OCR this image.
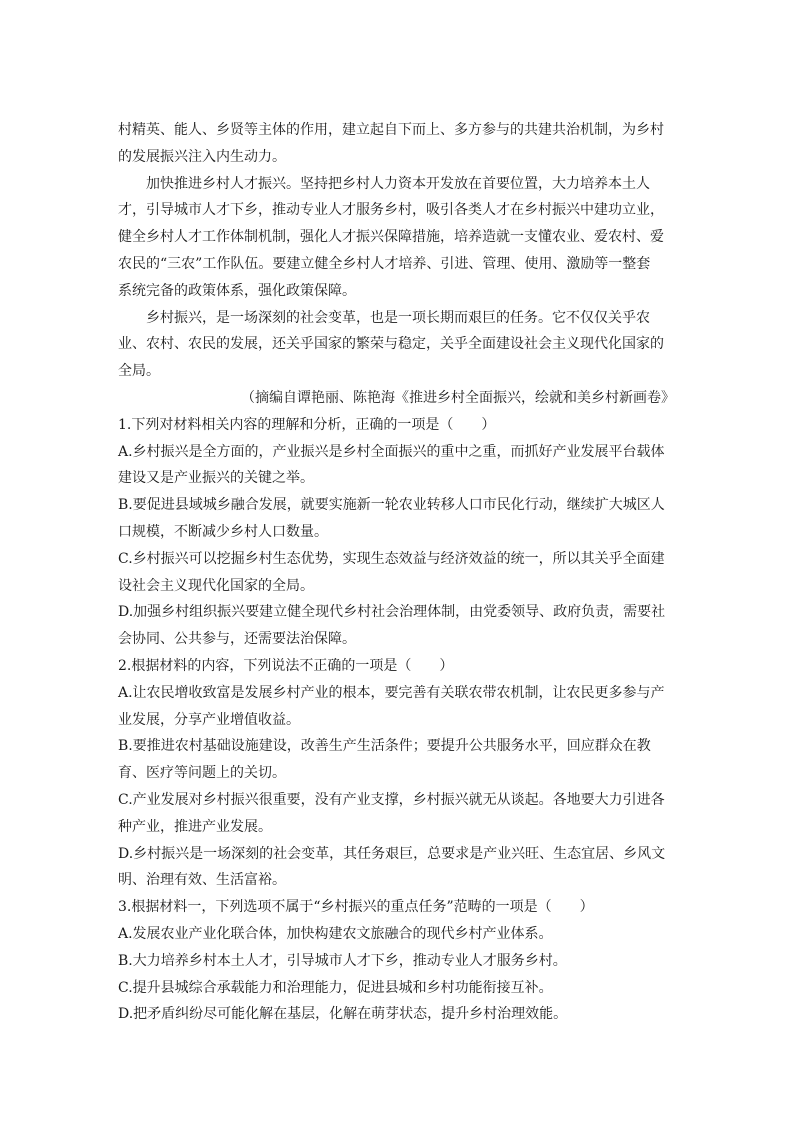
村精英、能人、乡贤等主体的作用，建立起自下而上、多方参与的共建共治机制，为乡村
的发展振兴注入内生动力。
加快推进乡村人才振兴。坚持把乡村人力资本开发放在首要位置，大力培养本土人
才，引导城市人才下乡，推动专业人才服务乡村，吸引各类人才在乡村振兴中建功立业，
健全乡村人才工作体制机制，强化人才振兴保障措施，培养造就一支懂农业、爱农村、爱
农民的“三农”工作队伍。要建立健全乡村人才培养、引进、管理、使用、激励等一整套
系统完备的政策体系，强化政策保障。
乡村振兴，是一场深刻的社会变革，也是一项长期而艰巨的任务。它不仅仅关乎农
业、农村、农民的发展，还关乎国家的繁荣与稳定，关乎全面建设社会主义现代化国家的
全局。
（摘编自谭艳丽、陈艳海《推进乡村全面振兴，绘就和美乡村新画卷》
1.下列对材料相关内容的理解和分析，正确的一项是（　　）
A.乡村振兴是全方面的，产业振兴是乡村全面振兴的重中之重，而抓好产业发展平台载体
建设又是产业振兴的关键之举。
B.要促进县域城乡融合发展，就要实施新一轮农业转移人口市民化行动，继续扩大城区人
口规模，不断减少乡村人口数量。
C.乡村振兴可以挖掘乡村生态优势，实现生态效益与经济效益的统一，所以其关乎全面建
设社会主义现代化国家的全局。
D.加强乡村组织振兴要建立健全现代乡村社会治理体制，由党委领导、政府负责，需要社
会协同、公共参与，还需要法治保障。
2.根据材料的内容，下列说法不正确的一项是（　　）
A.让农民增收致富是发展乡村产业的根本，要完善有关联农带农机制，让农民更多参与产
业发展，分享产业增值收益。
B.要推进农村基础设施建设，改善生产生活条件；要提升公共服务水平，回应群众在教
育、医疗等问题上的关切。
C.产业发展对乡村振兴很重要，没有产业支撑，乡村振兴就无从谈起。各地要大力引进各
种产业，推进产业发展。
D.乡村振兴是一场深刻的社会变革，其任务艰巨，总要求是产业兴旺、生态宜居、乡风文
明、治理有效、生活富裕。
3.根据材料一，下列选项不属于“乡村振兴的重点任务”范畴的一项是（　　）
A.发展农业产业化联合体，加快构建农文旅融合的现代乡村产业体系。
B.大力培养乡村本土人才，引导城市人才下乡，推动专业人才服务乡村。
C.提升县城综合承载能力和治理能力，促进县城和乡村功能衔接互补。
D.把矛盾纠纷尽可能化解在基层，化解在萌芽状态，提升乡村治理效能。
